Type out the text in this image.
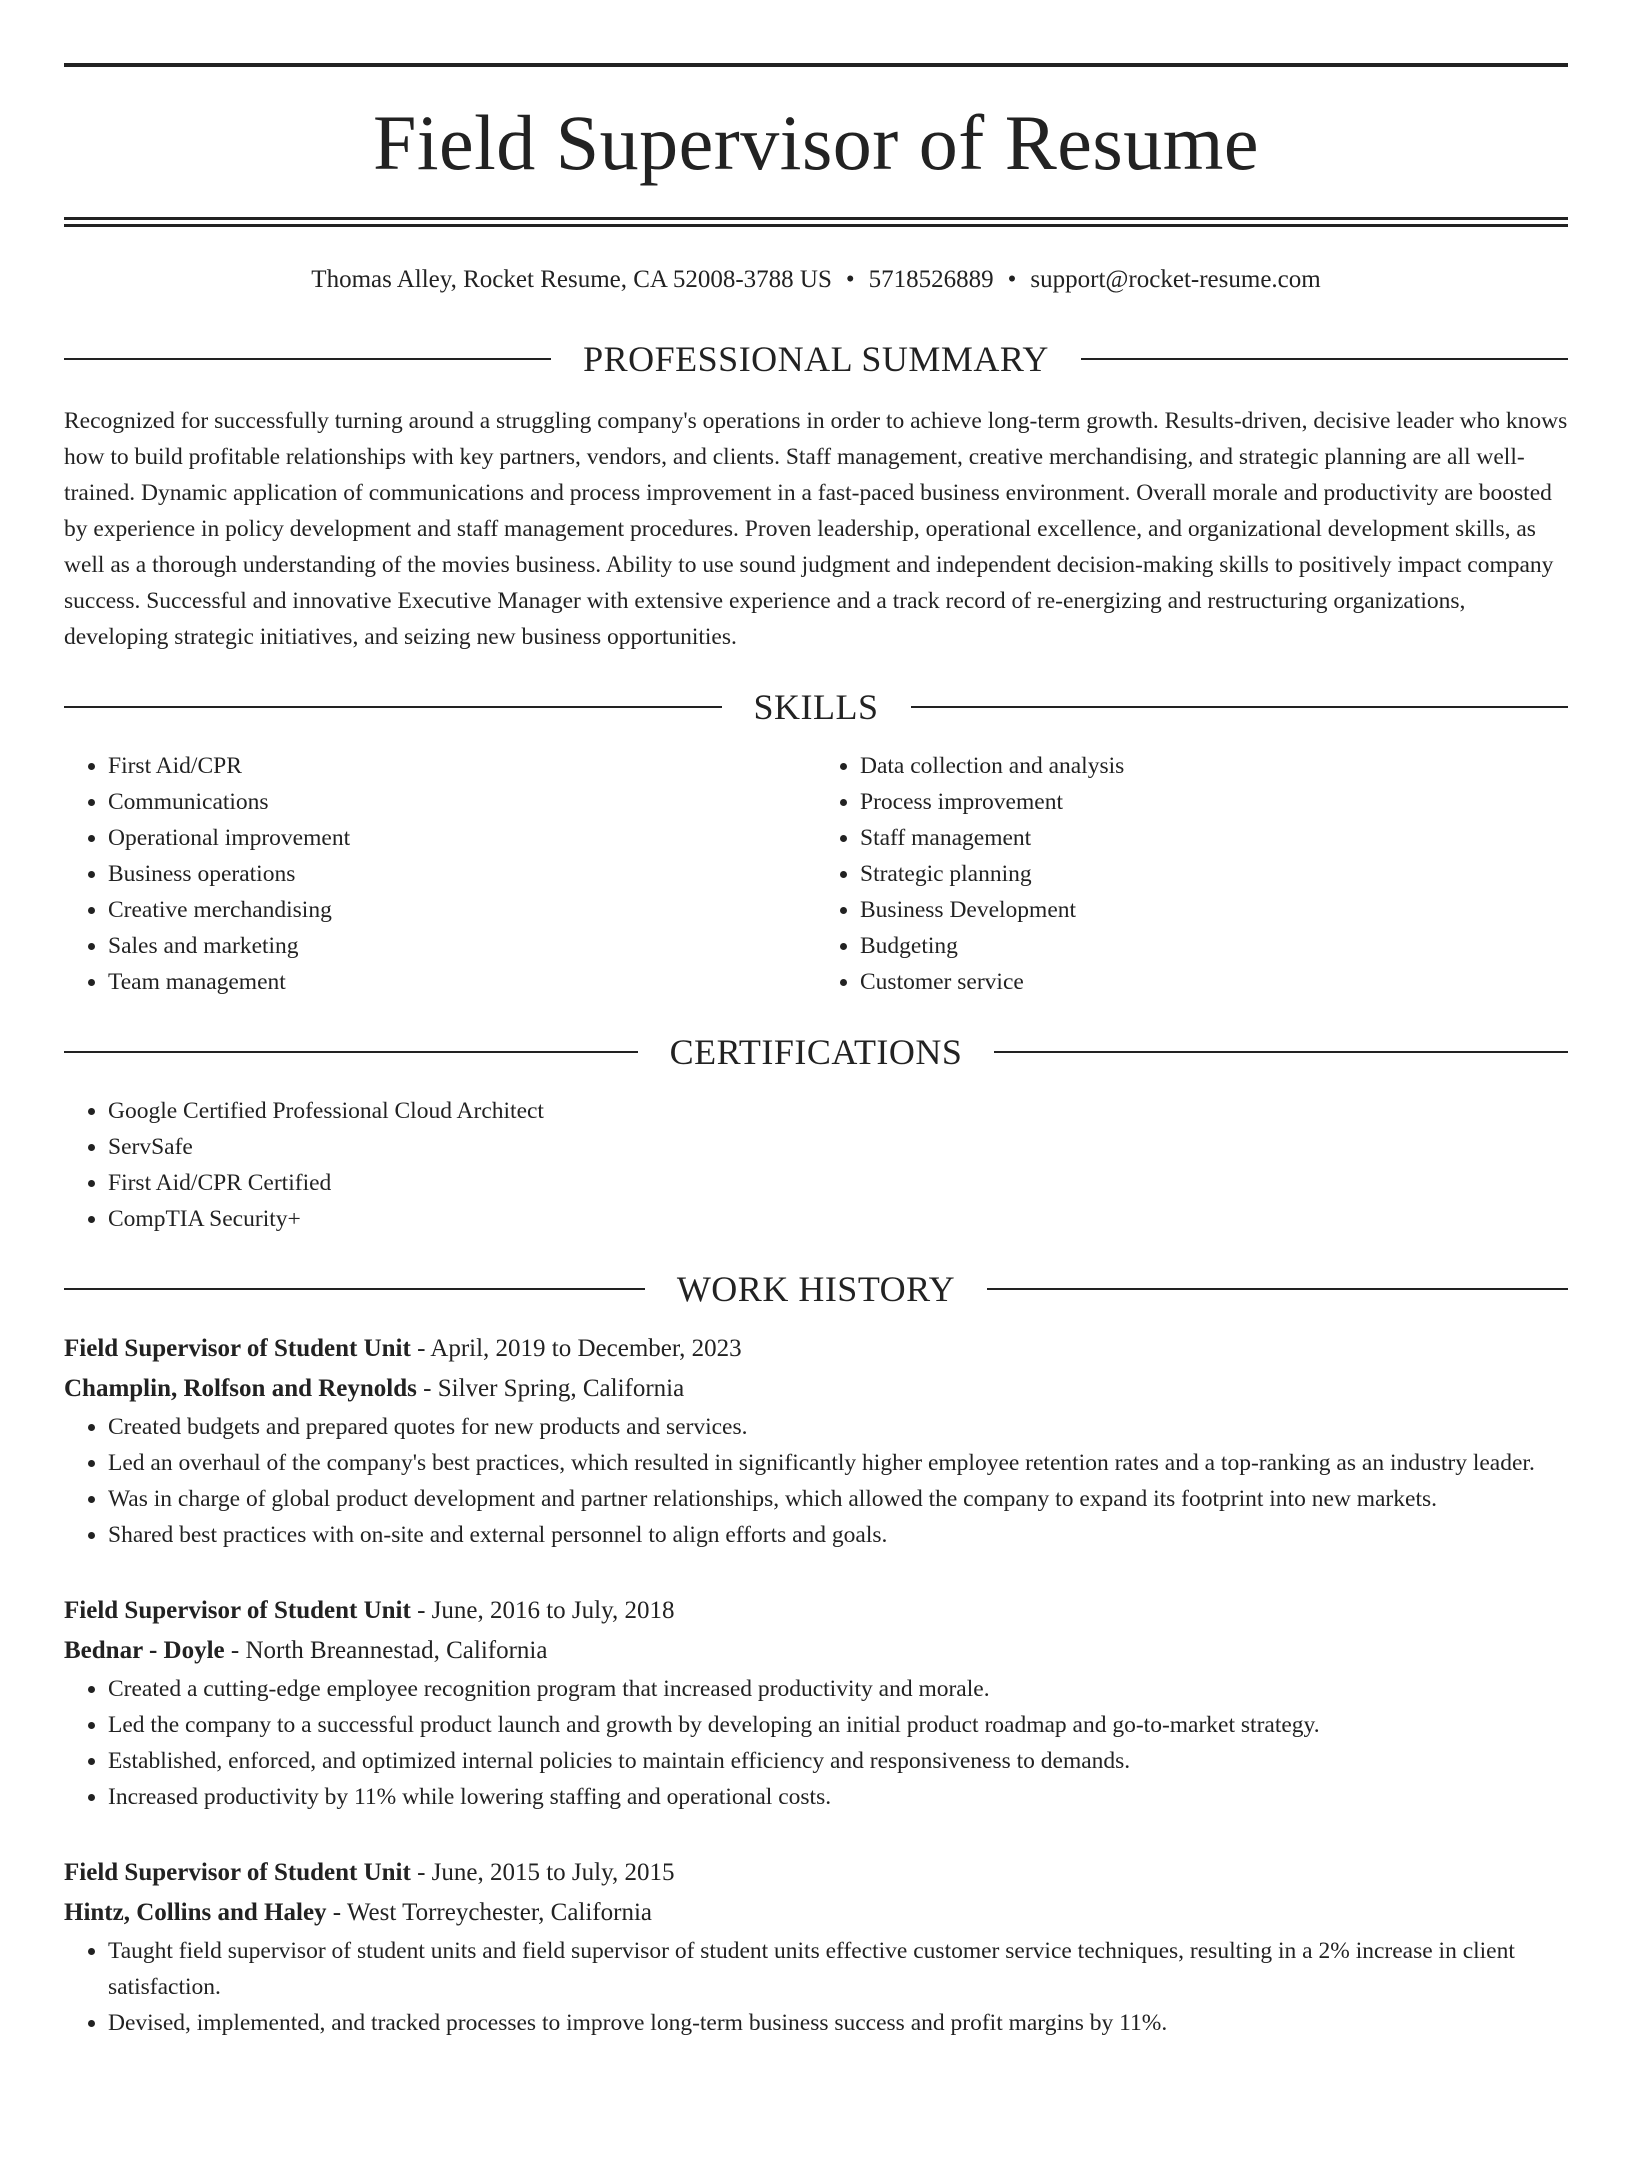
Field Supervisor of Resume
Thomas Alley, Rocket Resume, CA 52008-3788 US • 5718526889 • support@rocket-resume.com
PROFESSIONAL SUMMARY

Recognized for successfully turning around a struggling company's operations in order to achieve long-term growth. Results-driven, decisive leader who knows how to build profitable relationships with key partners, vendors, and clients. Staff management, creative merchandising, and strategic planning are all well-trained. Dynamic application of communications and process improvement in a fast-paced business environment. Overall morale and productivity are boosted by experience in policy development and staff management procedures. Proven leadership, operational excellence, and organizational development skills, as well as a thorough understanding of the movies business. Ability to use sound judgment and independent decision-making skills to positively impact company success. Successful and innovative Executive Manager with extensive experience and a track record of re-energizing and restructuring organizations, developing strategic initiatives, and seizing new business opportunities.

SKILLS
• First Aid/CPR
• Communications
• Operational improvement
• Business operations
• Creative merchandising
• Sales and marketing
• Team management
• Data collection and analysis
• Process improvement
• Staff management
• Strategic planning
• Business Development
• Budgeting
• Customer service
CERTIFICATIONS
• Google Certified Professional Cloud Architect
• ServSafe
• First Aid/CPR Certified
• CompTIA Security+
WORK HISTORY
Field Supervisor of Student Unit - April, 2019 to December, 2023
Champlin, Rolfson and Reynolds - Silver Spring, California
• Created budgets and prepared quotes for new products and services.
• Led an overhaul of the company's best practices, which resulted in significantly higher employee retention rates and a top-ranking as an industry leader.
• Was in charge of global product development and partner relationships, which allowed the company to expand its footprint into new markets.
• Shared best practices with on-site and external personnel to align efforts and goals.
Field Supervisor of Student Unit - June, 2016 to July, 2018
Bednar - Doyle - North Breannestad, California
• Created a cutting-edge employee recognition program that increased productivity and morale.
• Led the company to a successful product launch and growth by developing an initial product roadmap and go-to-market strategy.
• Established, enforced, and optimized internal policies to maintain efficiency and responsiveness to demands.
• Increased productivity by 11% while lowering staffing and operational costs.
Field Supervisor of Student Unit - June, 2015 to July, 2015
Hintz, Collins and Haley - West Torreychester, California
• Taught field supervisor of student units and field supervisor of student units effective customer service techniques, resulting in a 2% increase in client satisfaction.
• Devised, implemented, and tracked processes to improve long-term business success and profit margins by 11%.
